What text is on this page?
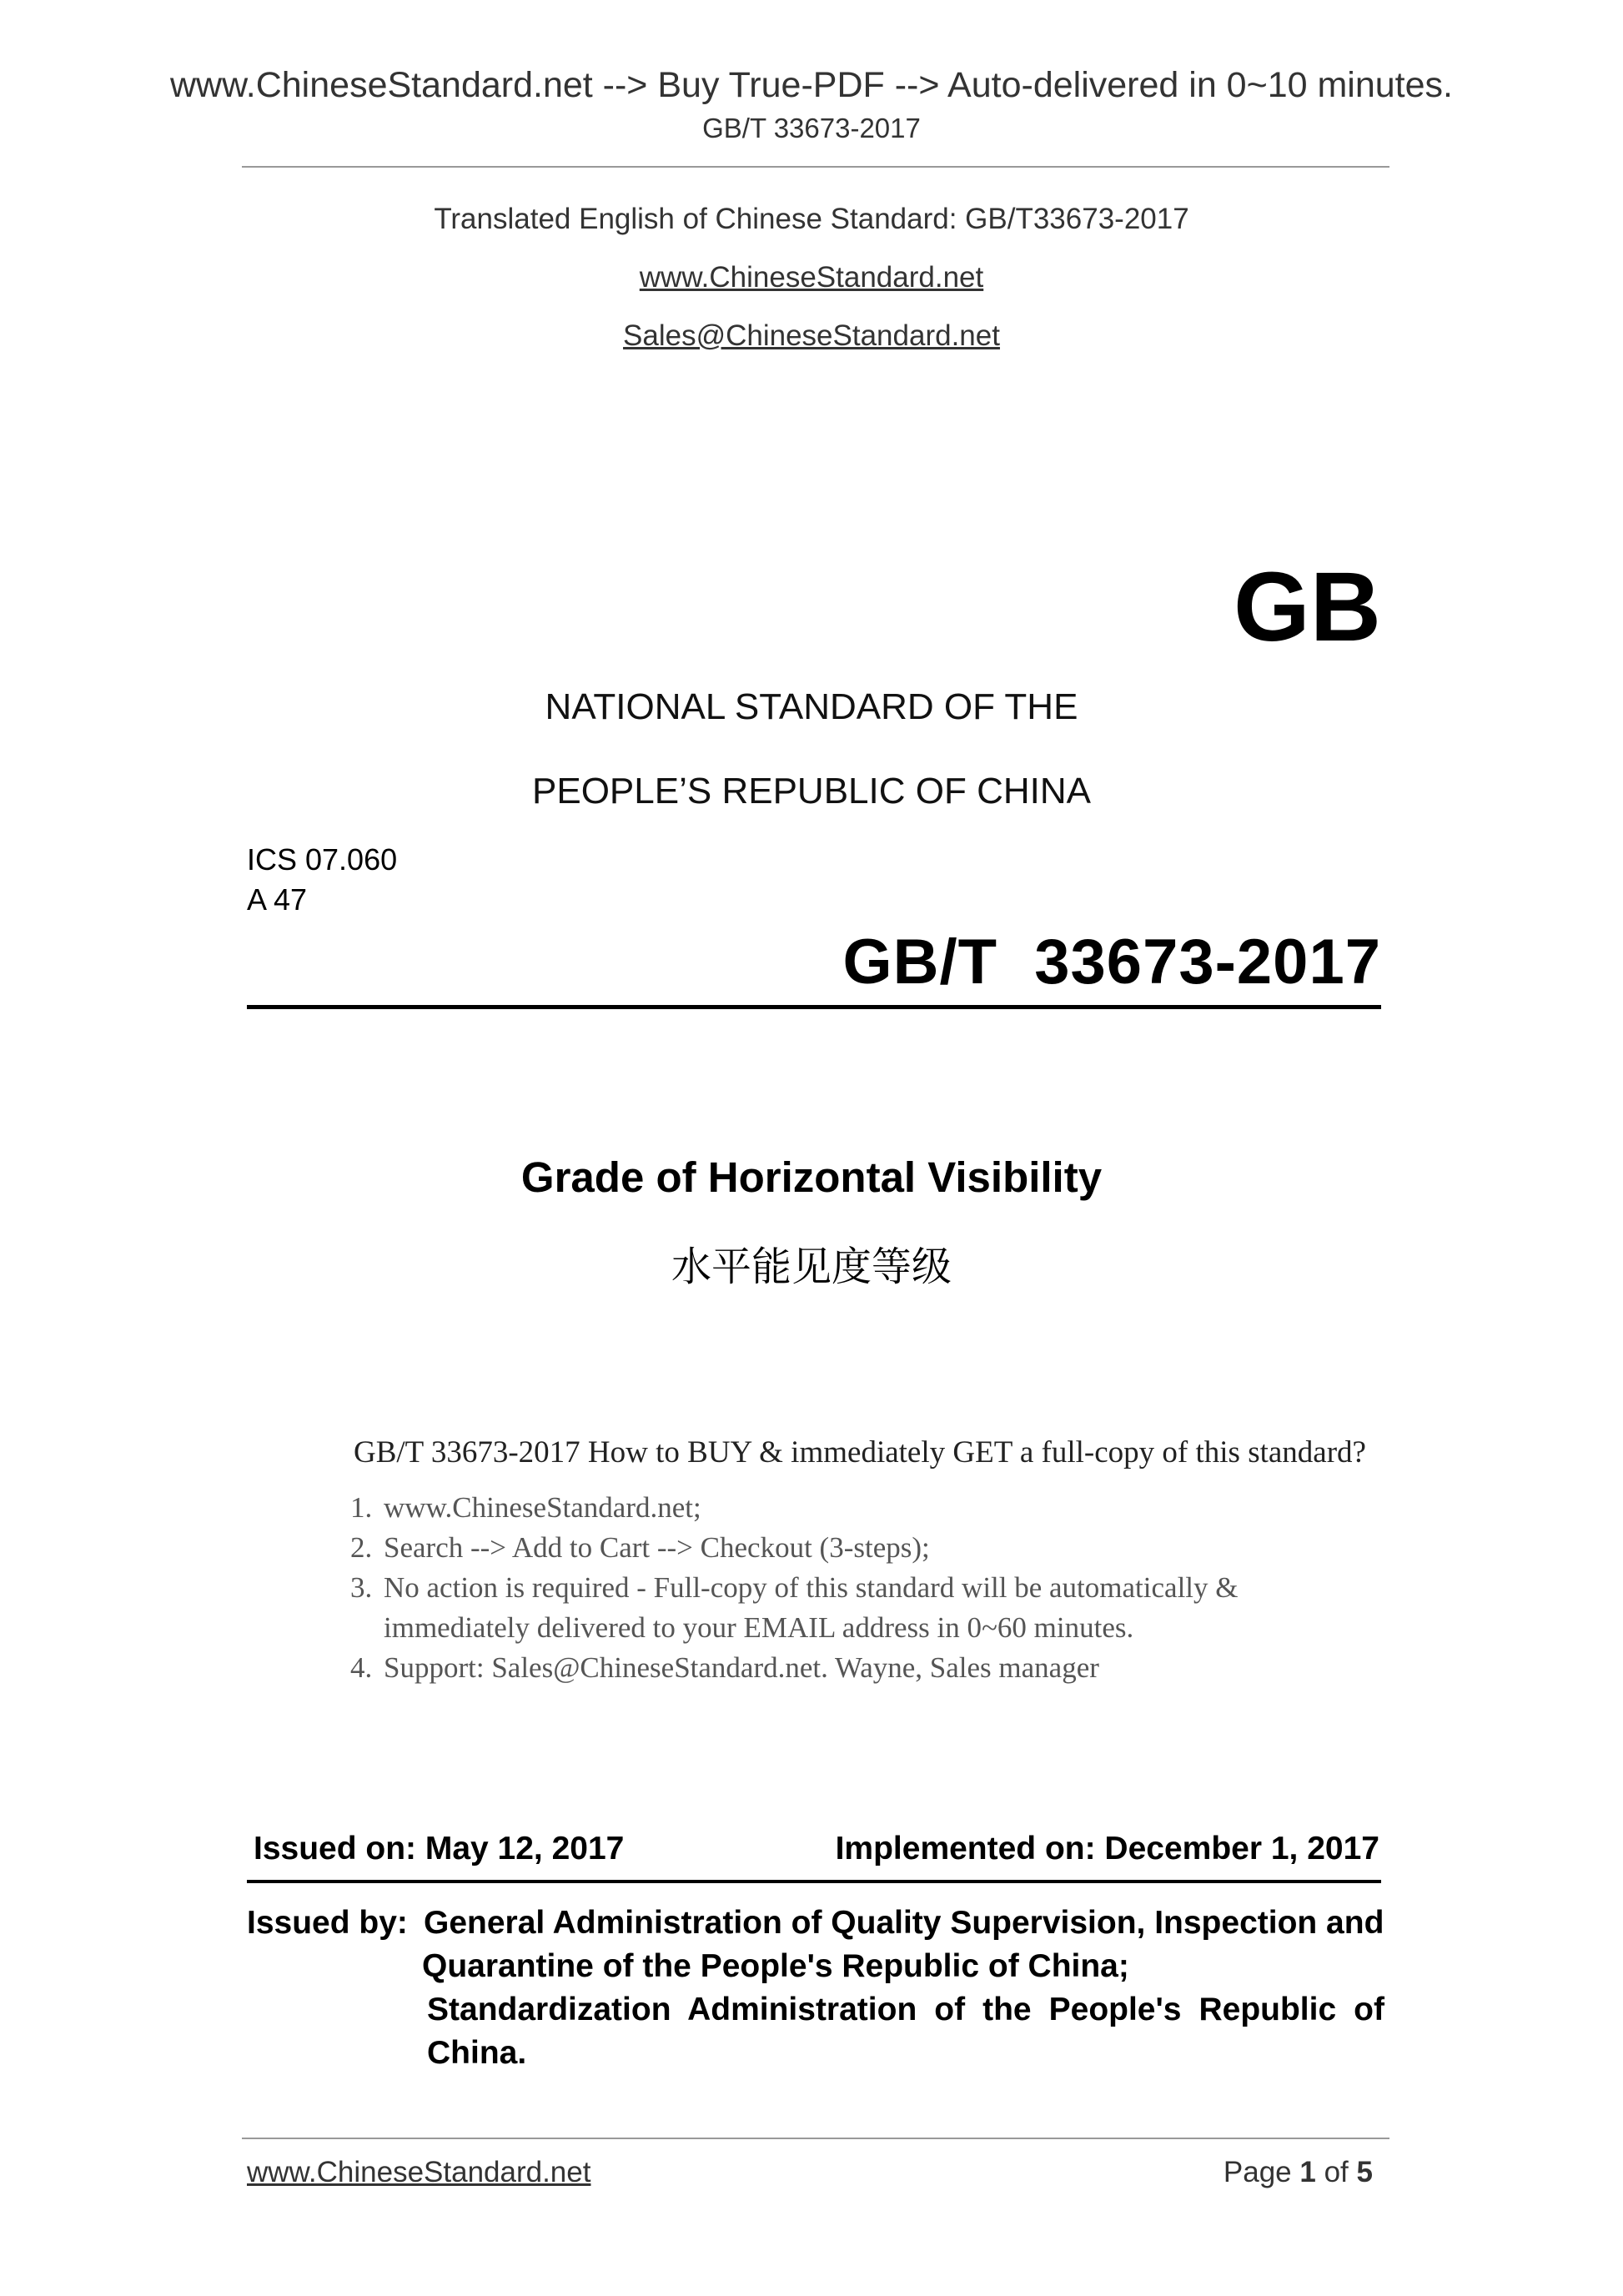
www.ChineseStandard.net --> Buy True-PDF --> Auto-delivered in 0~10 minutes.
GB/T 33673-2017
Translated English of Chinese Standard: GB/T33673-2017
www.ChineseStandard.net
Sales@ChineseStandard.net
GB
NATIONAL STANDARD OF THE
PEOPLE’S REPUBLIC OF CHINA
ICS 07.060
A 47
GB/T  33673-2017
Grade of Horizontal Visibility
水平能见度等级
GB/T 33673-2017 How to BUY & immediately GET a full-copy of this standard?
1. www.ChineseStandard.net;
2. Search --> Add to Cart --> Checkout (3-steps);
3. No action is required - Full-copy of this standard will be automatically &
immediately delivered to your EMAIL address in 0~60 minutes.
4. Support: Sales@ChineseStandard.net. Wayne, Sales manager
Issued on: May 12, 2017	Implemented on: December 1, 2017
Issued by: General Administration of Quality Supervision, Inspection and
Quarantine of the People's Republic of China;
Standardization Administration of the People's Republic of
China.
www.ChineseStandard.net	Page 1 of 5
